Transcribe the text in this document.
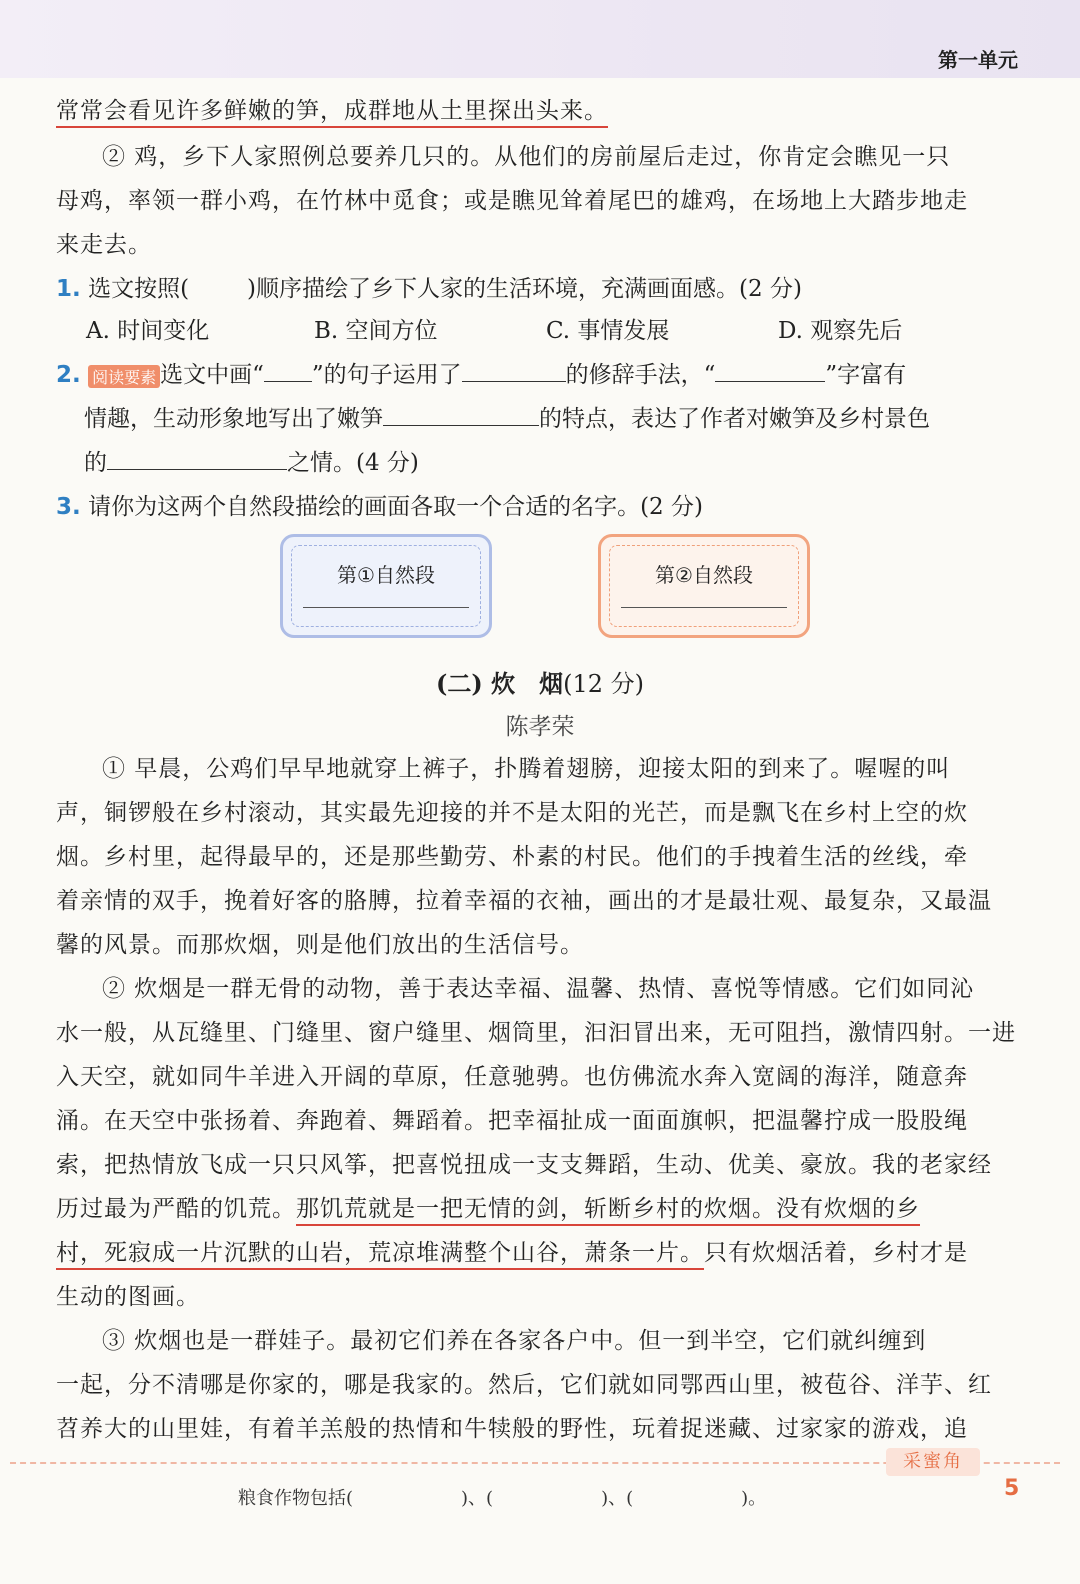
第一单元
常常会看见许多鲜嫩的笋，成群地从土里探出头来。
② 鸡，乡下人家照例总要养几只的。从他们的房前屋后走过，你肯定会瞧见一只
母鸡，率领一群小鸡，在竹林中觅食；或是瞧见耸着尾巴的雄鸡，在场地上大踏步地走
来走去。
1. 选文按照(	)顺序描绘了乡下人家的生活环境，充满画面感。(2 分)
A. 时间变化	B. 空间方位	C. 事情发展	D. 观察先后
2. 阅读要素 选文中画“ ”的句子运用了	的修辞手法，“	”字富有
情趣，生动形象地写出了嫩笋	的特点，表达了作者对嫩笋及乡村景色
的	之情。(4 分)
3. 请你为这两个自然段描绘的画面各取一个合适的名字。(2 分)
第①自然段	第②自然段
(二) 炊　烟(12 分)
陈孝荣
① 早晨，公鸡们早早地就穿上裤子，扑腾着翅膀，迎接太阳的到来了。喔喔的叫
声，铜锣般在乡村滚动，其实最先迎接的并不是太阳的光芒，而是飘飞在乡村上空的炊
烟。乡村里，起得最早的，还是那些勤劳、朴素的村民。他们的手拽着生活的丝线，牵
着亲情的双手，挽着好客的胳膊，拉着幸福的衣袖，画出的才是最壮观、最复杂，又最温
馨的风景。而那炊烟，则是他们放出的生活信号。
② 炊烟是一群无骨的动物，善于表达幸福、温馨、热情、喜悦等情感。它们如同沁
水一般，从瓦缝里、门缝里、窗户缝里、烟筒里，汩汩冒出来，无可阻挡，激情四射。一进
入天空，就如同牛羊进入开阔的草原，任意驰骋。也仿佛流水奔入宽阔的海洋，随意奔
涌。在天空中张扬着、奔跑着、舞蹈着。把幸福扯成一面面旗帜，把温馨拧成一股股绳
索，把热情放飞成一只只风筝，把喜悦扭成一支支舞蹈，生动、优美、豪放。我的老家经
历过最为严酷的饥荒。那饥荒就是一把无情的剑，斩断乡村的炊烟。没有炊烟的乡
村，死寂成一片沉默的山岩，荒凉堆满整个山谷，萧条一片。只有炊烟活着，乡村才是
生动的图画。
③ 炊烟也是一群娃子。最初它们养在各家各户中。但一到半空，它们就纠缠到
一起，分不清哪是你家的，哪是我家的。然后，它们就如同鄂西山里，被苞谷、洋芋、红
苕养大的山里娃，有着羊羔般的热情和牛犊般的野性，玩着捉迷藏、过家家的游戏，追
采蜜角
粮食作物包括(　　　　　　)、(　　　　　　)、(　　　　　　)。	5
